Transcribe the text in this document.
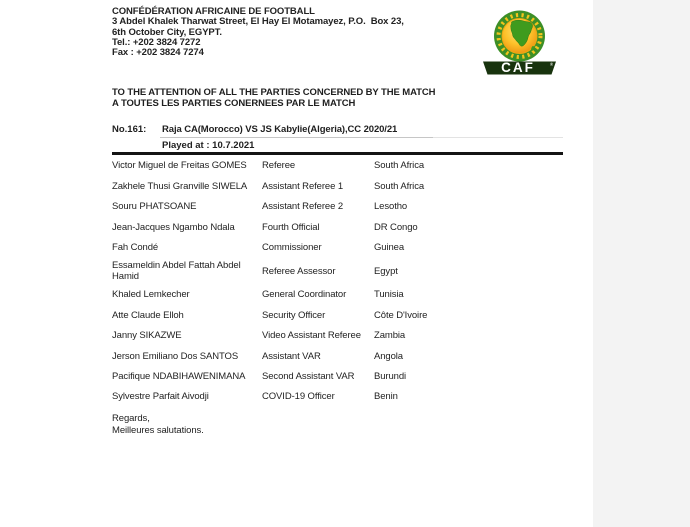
CONFÉDÉRATION AFRICAINE DE FOOTBALL
3 Abdel Khalek Tharwat Street, El Hay El Motamayez, P.O.  Box 23,
6th October City, EGYPT.
Tel.: +202 3824 7272
Fax : +202 3824 7274
CAF	®
TO THE ATTENTION OF ALL THE PARTIES CONCERNED BY THE MATCH
A TOUTES LES PARTIES CONERNEES PAR LE MATCH
No.161: Raja CA(Morocco) VS JS Kabylie(Algeria),CC 2020/21
Played at : 10.7.2021
Victor Miguel de Freitas GOMES	Referee	South Africa
Zakhele Thusi Granville SIWELA	Assistant Referee 1	South Africa
Souru PHATSOANE	Assistant Referee 2	Lesotho
Jean-Jacques Ngambo Ndala	Fourth Official	DR Congo
Fah Condé	Commissioner	Guinea
Essameldin Abdel Fattah Abdel Hamid
Referee Assessor	Egypt
Khaled Lemkecher	General Coordinator	Tunisia
Atte Claude Elloh	Security Officer	Côte D'Ivoire
Janny SIKAZWE	Video Assistant Referee	Zambia
Jerson Emiliano Dos SANTOS	Assistant VAR	Angola
Pacifique NDABIHAWENIMANA	Second Assistant VAR	Burundi
Sylvestre Parfait Aivodji	COVID-19 Officer	Benin
Regards,
Meilleures salutations.
